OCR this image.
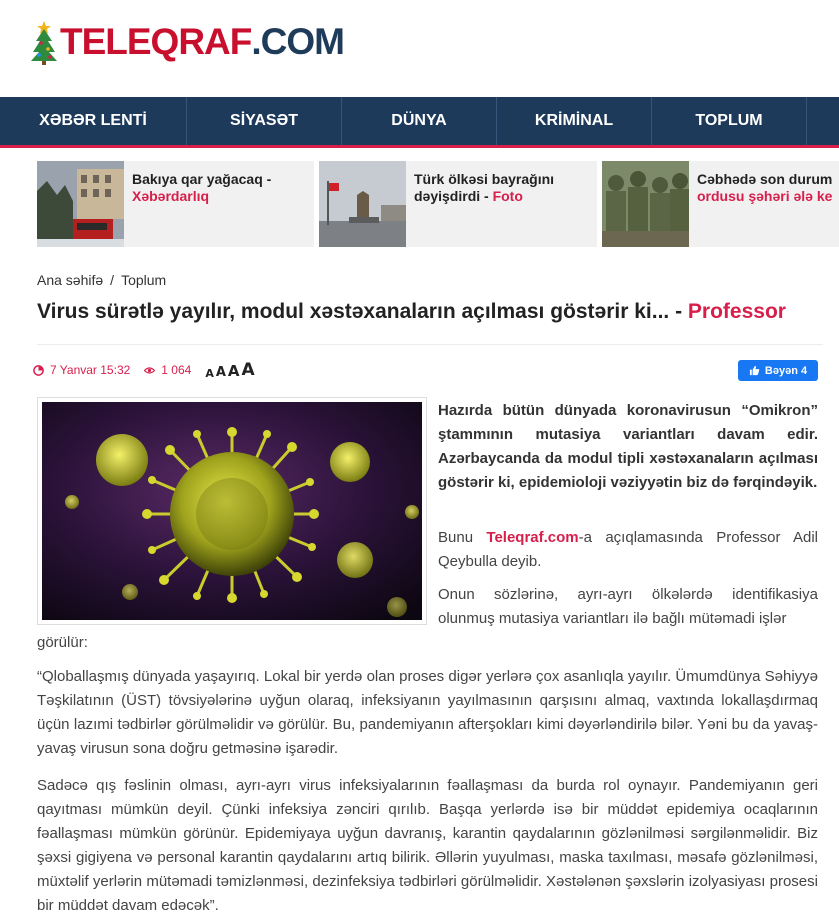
TELEQRAF .COM
XƏBƏR LENTİ	SİYASƏT	DÜNYA	KRİMİNAL	TOPLUM
Bakıya qar yağacaq - Xəbərdarlıq
Türk ölkəsi bayrağını dəyişdirdi - Foto
Cəbhədə son durum
ordusu şəhəri ələ ke
Ana səhifə / Toplum
Virus sürətlə yayılır, modul xəstəxanaların açılması göstərir ki... - Professor
7 Yanvar 15:32	1 064 A A A A	Bəyən 4

Hazırda bütün dünyada koronavirusun “Omikron” ştammının mutasiya variantları davam edir. Azərbaycanda da modul tipli xəstəxanaların açılması göstərir ki, epidemioloji vəziyyətin biz də fərqindəyik.

Bunu Teleqraf.com-a açıqlamasında Professor Adil Qeybulla deyib.

Onun sözlərinə, ayrı-ayrı ölkələrdə identifikasiya olunmuş mutasiya variantları ilə bağlı mütəmadi işlər

görülür:

“Qloballaşmış dünyada yaşayırıq. Lokal bir yerdə olan proses digər yerlərə çox asanlıqla yayılır. Ümumdünya Səhiyyə Təşkilatının (ÜST) tövsiyələrinə uyğun olaraq, infeksiyanın yayılmasının qarşısını almaq, vaxtında lokallaşdırmaq üçün lazımi tədbirlər görülməlidir və görülür. Bu, pandemiyanın afterşokları kimi dəyərləndirilə bilər. Yəni bu da yavaş-yavaş virusun sona doğru getməsinə işarədir.

Sadəcə qış fəslinin olması, ayrı-ayrı virus infeksiyalarının fəallaşması da burda rol oynayır. Pandemiyanın geri qayıtması mümkün deyil. Çünki infeksiya zənciri qırılıb. Başqa yerlərdə isə bir müddət epidemiya ocaqlarının fəallaşması mümkün görünür. Epidemiyaya uyğun davranış, karantin qaydalarının gözlənilməsi sərgilənməlidir. Biz şəxsi gigiyena və personal karantin qaydalarını artıq bilirik. Əllərin yuyulması, maska taxılması, məsafə gözlənilməsi, müxtəlif yerlərin mütəmadi təmizlənməsi, dezinfeksiya tədbirləri görülməlidir. Xəstələnən şəxslərin izolyasiyası prosesi bir müddət davam edəcək”.
